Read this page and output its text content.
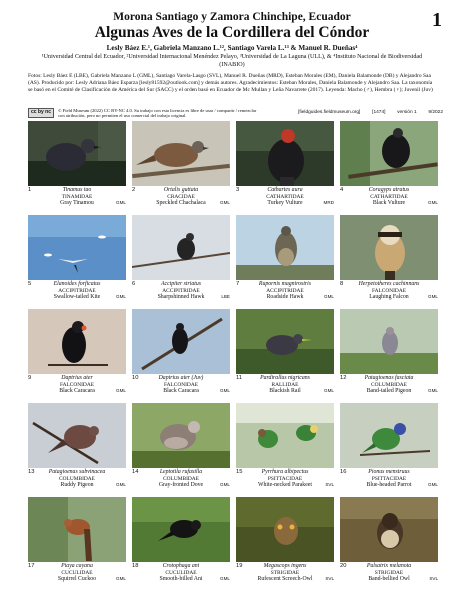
Morona Santiago y Zamora Chinchipe, Ecuador	1
Algunas Aves de la Cordillera del Cóndor
Lesly Báez E.¹, Gabriela Manzano L.¹², Santiago Varela L.¹³ & Manuel R. Dueñas⁴
¹Universidad Central del Ecuador, ²Universidad Internacional Menéndez Pelayo, ³Universidad de La Laguna (ULL), & ⁴Instituto Nacional de Biodiversidad (INABIO)
Fotos: Lesly Báez E (LBE), Gabriela Manzano L (GML), Santiago Varela-Lasgo (SVL), Manuel R. Dueñas (MRD), Esteban Morales (EM), Daniela Balamonde (DB) y Alejandro Saa (AS). Producido por: Lesly Adriana Báez Esparza [lesly81592@outlook.com] y demás autores. Agradecimientos: Esteban Morales, Daniela Balamonde y Alejandro Saa. La taxonomía se basó en el Comité de Clasificación de América del Sur (SACC) y el orden basó en Ecuador de Mc Mullan y Leña Navarrete (2017). Leyenda: Macho (♂), Hembra (♀); Juvenil (Juv)
cc by nc	© Field Museum (2022) CC BY-NC 4.0. Su trabajo con esta licencia es libre de usar / compartir / remezclar con atribución, pero no permiten el uso comercial del trabajo original.
[fieldguides.fieldmuseum.org] [1474] versión 1 9/2022
1	Tinamus tao
TINAMIDAE
Gray Tinamou	GML
2	Ortalis guttata
CRACIDAE
Speckled Chachalaca	GML
3	Cathartes aura
CATHARTIDAE
Turkey Vulture	MRD
4	Coragyps atratus
CATHARTIDAE
Black Vulture	GML
5	Elanoides forficatus
ACCIPITRIDAE
Swallow-tailed Kite	GML
6	Accipiter striatus
ACCIPITRIDAE
Sharpshinned Hawk	LBE
7	Rupornis magnirostris
ACCIPITRIDAE
Roadside Hawk	GML
8	Herpetotheres cachinnans
FALCONIDAE
Laughing Falcon	GML
9	Daptrius ater
FALCONIDAE
Black Caracara	GML
10	Daptrius ater (Juv)
FALCONIDAE
Black Caracara	GML
11	Pardirallus nigricans
RALLIDAE
Blackish Rail	GML
12	Patagioenas fasciata
COLUMBIDAE
Band-tailed Pigeon	GML
13	Patagioenas subvinacea
COLUMBIDAE
Ruddy Pigeon	GML
14	Leptotila rufaxilla
COLUMBIDAE
Gray-fronted Dove	GML
15	Pyrrhura albipectus
PSITTACIDAE
White-necked Parakeet	SVL
16	Pionus menstruus
PSITTACIDAE
Blue-headed Parrot	GML
17	Piaya cayana
CUCULIDAE
Squirrel Cuckoo	GML
18	Crotophaga ani
CUCULIDAE
Smooth-billed Ani	GML
19	Megascops ingens
STRIGIDAE
Rufescent Screech-Owl	SVL
20	Pulsatrix melanota
STRIGIDAE
Band-bellied Owl	SVL
